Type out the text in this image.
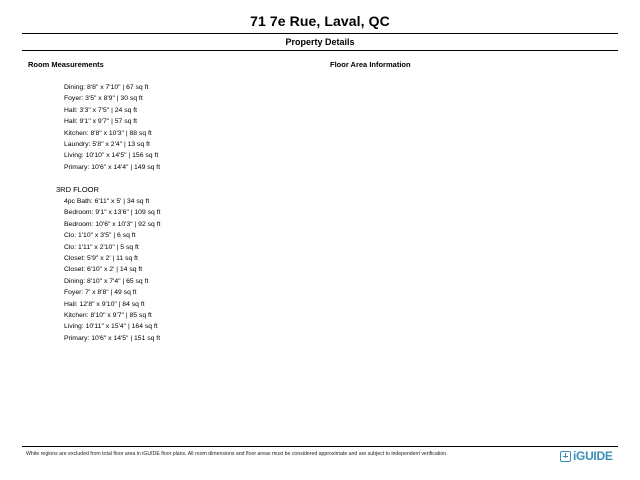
71 7e Rue, Laval, QC
Property Details
Room Measurements	Floor Area Information
Dining: 8'8" x 7'10" | 67 sq ft
Foyer: 3'5" x 8'9" | 30 sq ft
Hall: 3'3" x 7'5" | 24 sq ft
Hall: 9'1" x 9'7" | 57 sq ft
Kitchen: 8'8" x 10'3" | 88 sq ft
Laundry: 5'8" x 2'4" | 13 sq ft
Living: 10'10" x 14'5" | 156 sq ft
Primary: 10'6" x 14'4" | 149 sq ft
3RD FLOOR
4pc Bath: 6'11" x 5' | 34 sq ft
Bedroom: 9'1" x 13'6" | 109 sq ft
Bedroom: 10'6" x 10'3" | 92 sq ft
Clo: 1'10" x 3'5" | 6 sq ft
Clo: 1'11" x 2'10" | 5 sq ft
Closet: 5'9" x 2' | 11 sq ft
Closet: 6'10" x 2' | 14 sq ft
Dining: 8'10" x 7'4" | 65 sq ft
Foyer: 7' x 8'8" | 49 sq ft
Hall: 12'8" x 9'10" | 84 sq ft
Kitchen: 8'10" x 9'7" | 85 sq ft
Living: 10'11" x 15'4" | 164 sq ft
Primary: 10'6" x 14'5" | 151 sq ft
White regions are excluded from total floor area in iGUIDE floor plans. All room dimensions and floor areas must be considered approximate and are subject to independent verification.	iGUIDE
